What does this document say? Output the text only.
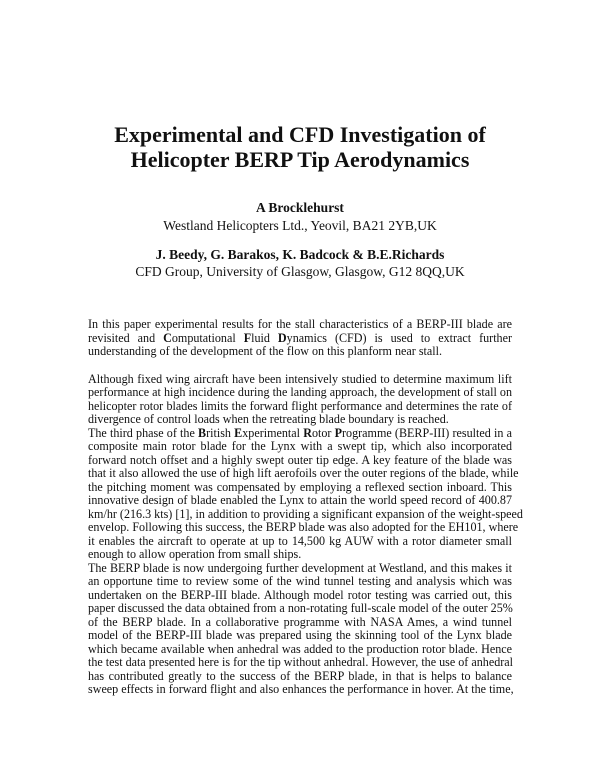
Experimental and CFD Investigation of
Helicopter BERP Tip Aerodynamics
A Brocklehurst
Westland Helicopters Ltd., Yeovil, BA21 2YB,UK
J. Beedy, G. Barakos, K. Badcock & B.E.Richards
CFD Group, University of Glasgow, Glasgow, G12 8QQ,UK
In this paper experimental results for the stall characteristics of a BERP-III blade are
revisited and Computational Fluid Dynamics (CFD) is used to extract further
understanding of the development of the flow on this planform near stall.
Although fixed wing aircraft have been intensively studied to determine maximum lift
performance at high incidence during the landing approach, the development of stall on
helicopter rotor blades limits the forward flight performance and determines the rate of
divergence of control loads when the retreating blade boundary is reached.
The third phase of the British Experimental Rotor Programme (BERP-III) resulted in a
composite main rotor blade for the Lynx with a swept tip, which also incorporated
forward notch offset and a highly swept outer tip edge. A key feature of the blade was
that it also allowed the use of high lift aerofoils over the outer regions of the blade, while
the pitching moment was compensated by employing a reflexed section inboard. This
innovative design of blade enabled the Lynx to attain the world speed record of 400.87
km/hr (216.3 kts) [1], in addition to providing a significant expansion of the weight-speed
envelop. Following this success, the BERP blade was also adopted for the EH101, where
it enables the aircraft to operate at up to 14,500 kg AUW with a rotor diameter small
enough to allow operation from small ships.
The BERP blade is now undergoing further development at Westland, and this makes it
an opportune time to review some of the wind tunnel testing and analysis which was
undertaken on the BERP-III blade. Although model rotor testing was carried out, this
paper discussed the data obtained from a non-rotating full-scale model of the outer 25%
of the BERP blade. In a collaborative programme with NASA Ames, a wind tunnel
model of the BERP-III blade was prepared using the skinning tool of the Lynx blade
which became available when anhedral was added to the production rotor blade. Hence
the test data presented here is for the tip without anhedral. However, the use of anhedral
has contributed greatly to the success of the BERP blade, in that is helps to balance
sweep effects in forward flight and also enhances the performance in hover. At the time,
